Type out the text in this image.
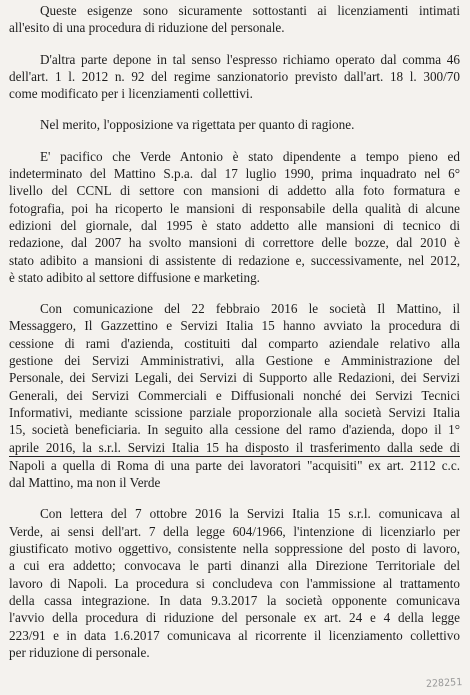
Queste esigenze sono sicuramente sottostanti ai licenziamenti intimati
all'esito di una procedura di riduzione del personale.

D'altra parte depone in tal senso l'espresso richiamo operato dal comma 46
dell'art. 1 l. 2012 n. 92 del regime sanzionatorio previsto dall'art. 18 l. 300/70
come modificato per i licenziamenti collettivi.

Nel merito, l'opposizione va rigettata per quanto di ragione.

E' pacifico che Verde Antonio è stato dipendente a tempo pieno ed
indeterminato del Mattino S.p.a. dal 17 luglio 1990, prima inquadrato nel 6°
livello del CCNL di settore con mansioni di addetto alla foto formatura e
fotografia, poi ha ricoperto le mansioni di responsabile della qualità di alcune
edizioni del giornale, dal 1995 è stato addetto alle mansioni di tecnico di
redazione, dal 2007 ha svolto mansioni di correttore delle bozze, dal 2010 è
stato adibito a mansioni di assistente di redazione e, successivamente, nel 2012,
è stato adibito al settore diffusione e marketing.

Con comunicazione del 22 febbraio 2016 le società Il Mattino, il
Messaggero, Il Gazzettino e Servizi Italia 15 hanno avviato la procedura di
cessione di rami d'azienda, costituiti dal comparto aziendale relativo alla
gestione dei Servizi Amministrativi, alla Gestione e Amministrazione del
Personale, dei Servizi Legali, dei Servizi di Supporto alle Redazioni, dei Servizi
Generali, dei Servizi Commerciali e Diffusionali nonché dei Servizi Tecnici
Informativi, mediante scissione parziale proporzionale alla società Servizi Italia
15, società beneficiaria. In seguito alla cessione del ramo d'azienda, dopo il 1°
aprile 2016, la s.r.l. Servizi Italia 15 ha disposto il trasferimento dalla sede di
Napoli a quella di Roma di una parte dei lavoratori "acquisiti" ex art. 2112 c.c.
dal Mattino, ma non il Verde

Con lettera del 7 ottobre 2016 la Servizi Italia 15 s.r.l. comunicava al
Verde, ai sensi dell'art. 7 della legge 604/1966, l'intenzione di licenziarlo per
giustificato motivo oggettivo, consistente nella soppressione del posto di lavoro,
a cui era addetto; convocava le parti dinanzi alla Direzione Territoriale del
lavoro di Napoli. La procedura si concludeva con l'ammissione al trattamento
della cassa integrazione. In data 9.3.2017 la società opponente comunicava
l'avvio della procedura di riduzione del personale ex art. 24 e 4 della legge
223/91 e in data 1.6.2017 comunicava al ricorrente il licenziamento collettivo
per riduzione di personale.

228251
